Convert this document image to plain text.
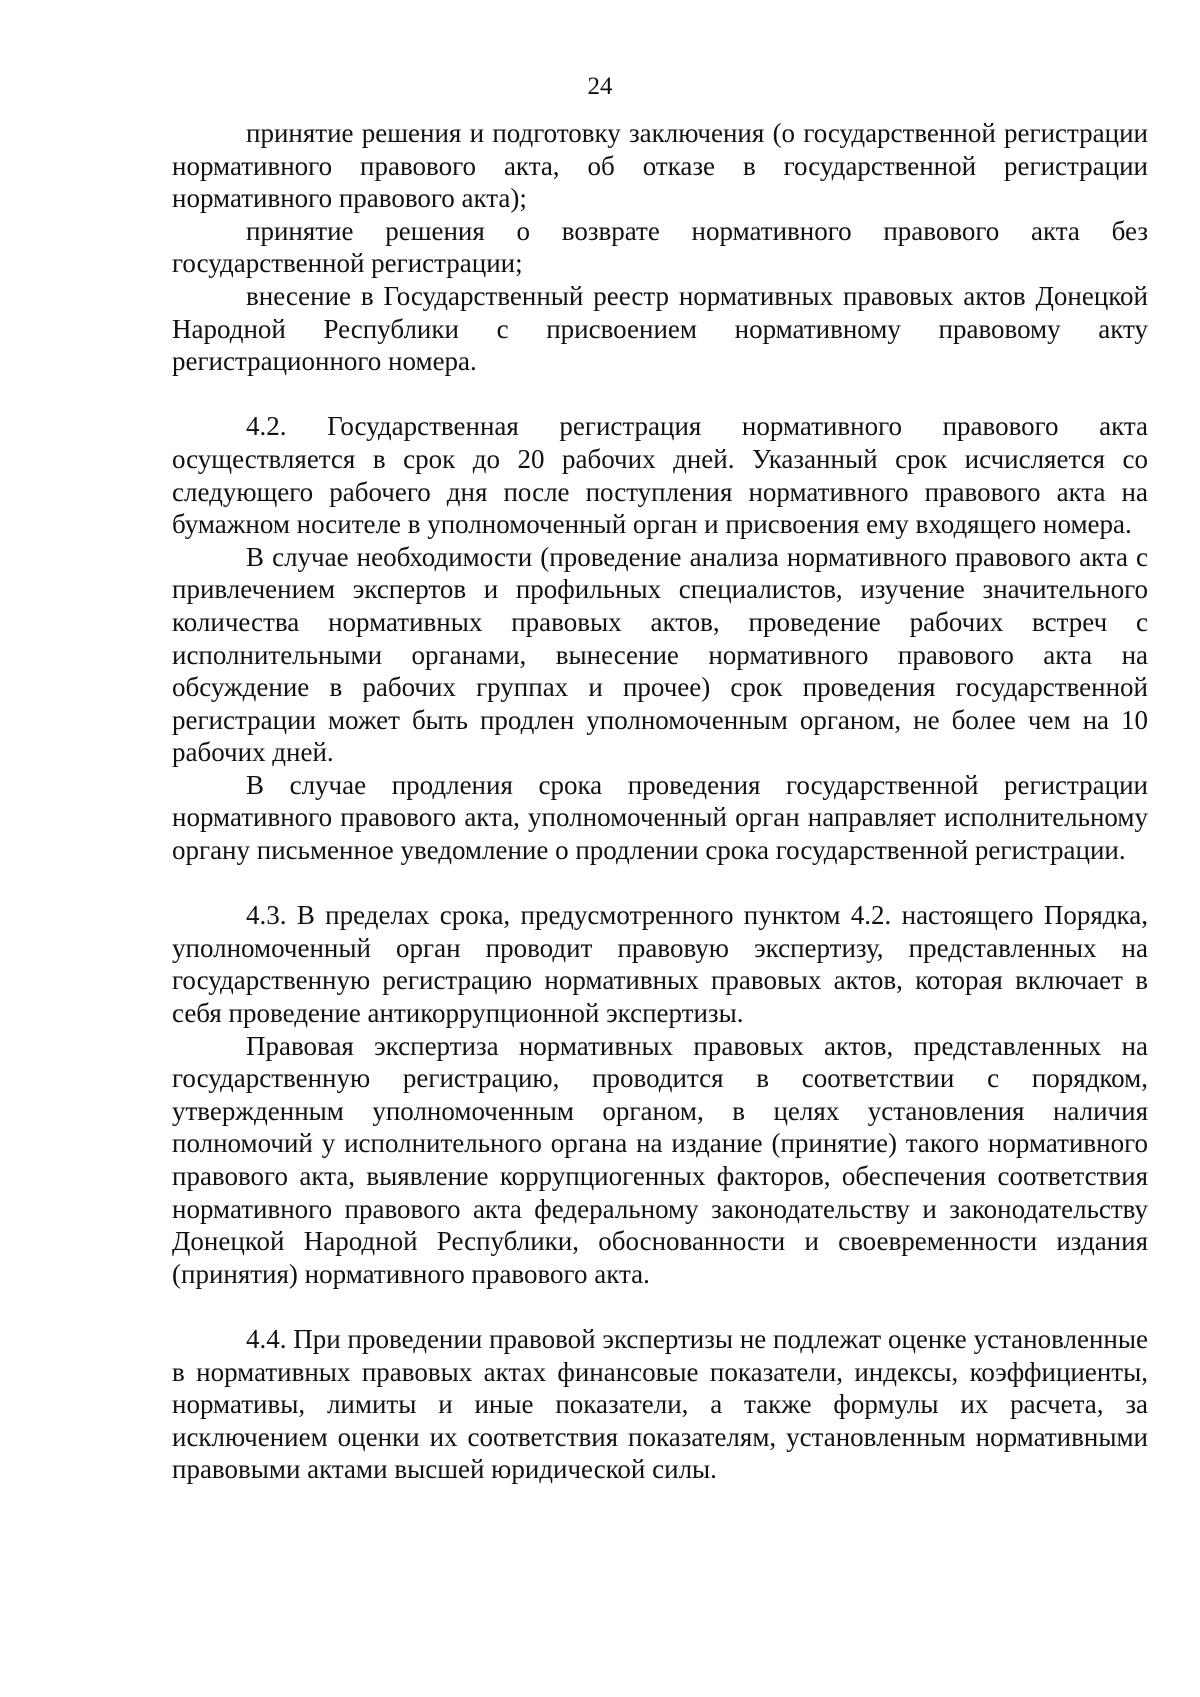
24

принятие решения и подготовку заключения (о государственной регистрации нормативного правового акта, об отказе в государственной регистрации нормативного правового акта);

принятие решения о возврате нормативного правового акта без государственной регистрации;

внесение в Государственный реестр нормативных правовых актов Донецкой Народной Республики с присвоением нормативному правовому акту регистрационного номера.

4.2. Государственная регистрация нормативного правового акта осуществляется в срок до 20 рабочих дней. Указанный срок исчисляется со следующего рабочего дня после поступления нормативного правового акта на бумажном носителе в уполномоченный орган и присвоения ему входящего номера.

В случае необходимости (проведение анализа нормативного правового акта с привлечением экспертов и профильных специалистов, изучение значительного количества нормативных правовых актов, проведение рабочих встреч с исполнительными органами, вынесение нормативного правового акта на обсуждение в рабочих группах и прочее) срок проведения государственной регистрации может быть продлен уполномоченным органом, не более чем на 10 рабочих дней.

В случае продления срока проведения государственной регистрации нормативного правового акта, уполномоченный орган направляет исполнительному органу письменное уведомление о продлении срока государственной регистрации.

4.3. В пределах срока, предусмотренного пунктом 4.2. настоящего Порядка, уполномоченный орган проводит правовую экспертизу, представленных на государственную регистрацию нормативных правовых актов, которая включает в себя проведение антикоррупционной экспертизы.

Правовая экспертиза нормативных правовых актов, представленных на государственную регистрацию, проводится в соответствии с порядком, утвержденным уполномоченным органом, в целях установления наличия полномочий у исполнительного органа на издание (принятие) такого нормативного правового акта, выявление коррупциогенных факторов, обеспечения соответствия нормативного правового акта федеральному законодательству и законодательству Донецкой Народной Республики, обоснованности и своевременности издания (принятия) нормативного правового акта.

4.4. При проведении правовой экспертизы не подлежат оценке установленные в нормативных правовых актах финансовые показатели, индексы, коэффициенты, нормативы, лимиты и иные показатели, а также формулы их расчета, за исключением оценки их соответствия показателям, установленным нормативными правовыми актами высшей юридической силы.
